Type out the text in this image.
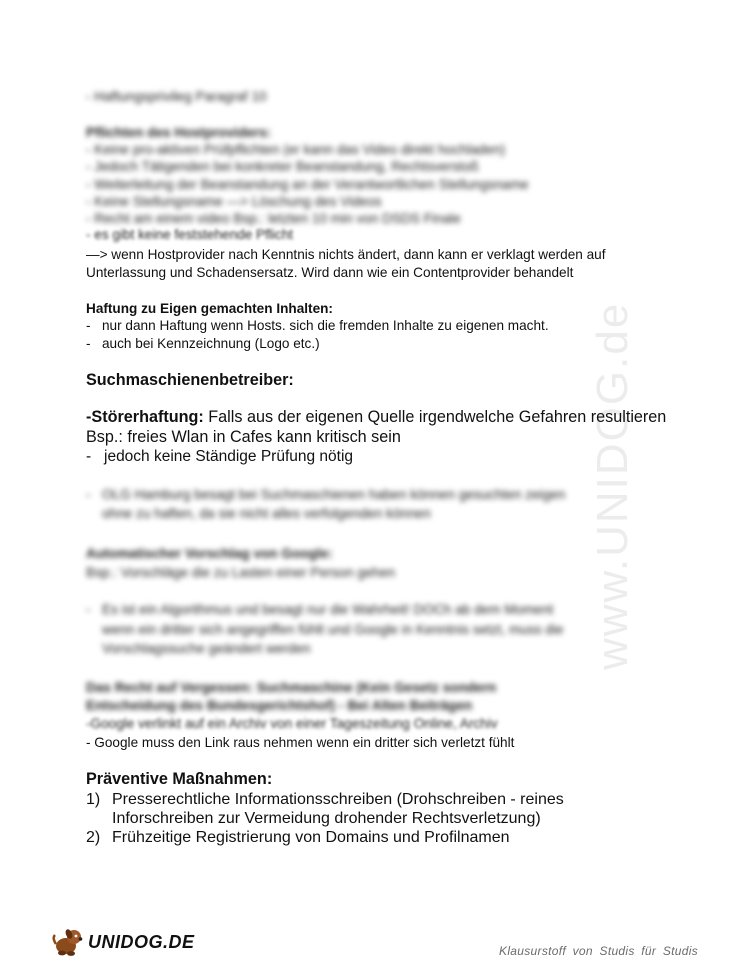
www.UNIDOG.de
- Haftungsprivileg Paragraf 10
Pflichten des Hostproviders:
- Keine pro-aktiven Prüfpflichten (er kann das Video direkt hochladen)
- Jedoch Tätigenden bei konkreter Beanstandung, Rechtsverstoß
- Weiterleitung der Beanstandung an der Verantwortlichen Stellungsname
- Keine Stellungsname —> Löschung des Videos
- Recht am einem video Bsp.: letzten 10 min von DSDS Finale
- es gibt keine feststehende Pflicht
—> wenn Hostprovider nach Kenntnis nichts ändert, dann kann er verklagt werden auf
Unterlassung und Schadensersatz. Wird dann wie ein Contentprovider behandelt
Haftung zu Eigen gemachten Inhalten:
- nur dann Haftung wenn Hosts. sich die fremden Inhalte zu eigenen macht.
- auch bei Kennzeichnung (Logo etc.)
Suchmaschienenbetreiber:
-Störerhaftung: Falls aus der eigenen Quelle irgendwelche Gefahren resultieren
Bsp.: freies Wlan in Cafes kann kritisch sein
- jedoch keine Ständige Prüfung nötig
- OLG Hamburg besagt bei Suchmaschienen haben können gesuchten zeigen
ohne zu haften, da sie nicht alles verfolgenden können
Automatischer Vorschlag von Google:
Bsp.: Vorschläge die zu Lasten einer Person gehen
- Es ist ein Algorithmus und besagt nur die Wahrheit! DOCh ab dem Moment
wenn ein dritter sich angegriffen fühlt und Google in Kenntnis setzt, muss die
Vorschlagssuche geändert werden
Das Recht auf Vergessen: Suchmaschine (Kein Gesetz sondern
Entscheidung des Bundesgerichtshof) - Bei Alten Beiträgen
-Google verlinkt auf ein Archiv von einer Tageszeitung Online, Archiv
- Google muss den Link raus nehmen wenn ein dritter sich verletzt fühlt
Präventive Maßnahmen:
1) Presserechtliche Informationsschreiben (Drohschreiben - reines
Inforschreiben zur Vermeidung drohender Rechtsverletzung)
2) Frühzeitige Registrierung von Domains und Profilnamen
UNIDOG.DE	Klausurstoff von Studis für Studis
